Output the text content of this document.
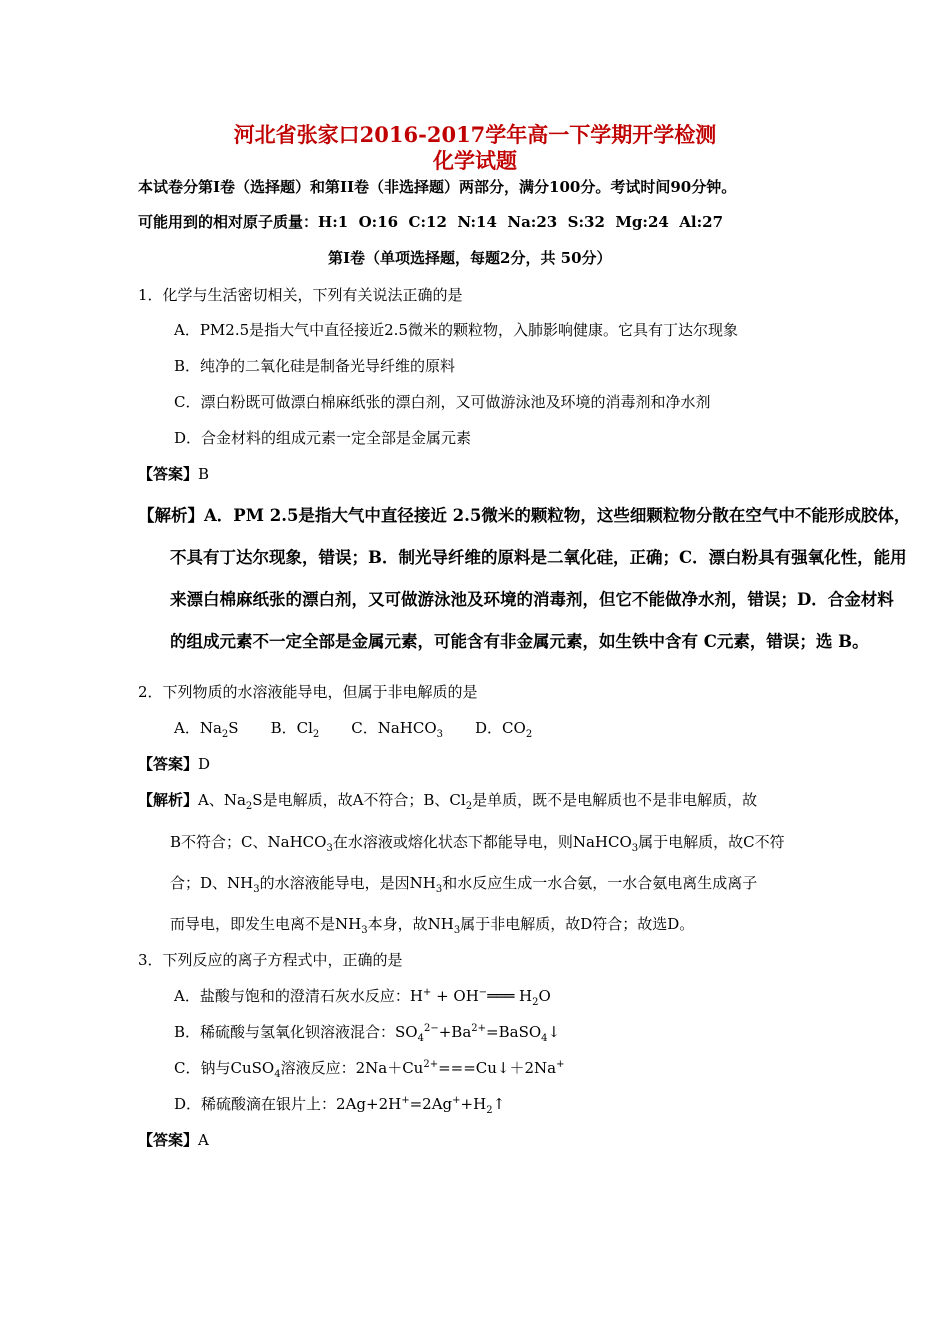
河北省张家口2016-2017学年高一下学期开学检测
化学试题
本试卷分第Ⅰ卷（选择题）和第II卷（非选择题）两部分，满分100分。考试时间90分钟。
可能用到的相对原子质量：H:1  O:16  C:12  N:14  Na:23  S:32  Mg:24  Al:27
第Ⅰ卷（单项选择题，每题2分，共 50分）
1．化学与生活密切相关，下列有关说法正确的是
A．PM2.5是指大气中直径接近2.5微米的颗粒物，入肺影响健康。它具有丁达尔现象
B．纯净的二氧化硅是制备光导纤维的原料
C．漂白粉既可做漂白棉麻纸张的漂白剂，又可做游泳池及环境的消毒剂和净水剂
D．合金材料的组成元素一定全部是金属元素
【答案】B
【解析】A．PM 2.5是指大气中直径接近 2.5微米的颗粒物，这些细颗粒物分散在空气中不能形成胶体，
不具有丁达尔现象，错误；B．制光导纤维的原料是二氧化硅，正确；C．漂白粉具有强氧化性，能用
来漂白棉麻纸张的漂白剂，又可做游泳池及环境的消毒剂，但它不能做净水剂，错误；D．合金材料
的组成元素不一定全部是金属元素，可能含有非金属元素，如生铁中含有 C元素，错误；选 B。
2．下列物质的水溶液能导电，但属于非电解质的是
A．$Na_2S$ B．$Cl_2$ C．NaHCO$_3$ D．$CO_2$
【答案】D
【解析】A、$Na_2S$是电解质，故A不符合；B、$Cl_2$是单质，既不是电解质也不是非电解质，故
B不符合；C、NaHCO$_3$在水溶液或熔化状态下都能导电，则NaHCO$_3$属于电解质，故C不符
合；D、$NH_3$的水溶液能导电，是因$NH_3$和水反应生成一水合氨，一水合氨电离生成离子
而导电，即发生电离不是$NH_3$本身，故$NH_3$属于非电解质，故D符合；故选D。
3．下列反应的离子方程式中，正确的是
A．盐酸与饱和的澄清石灰水反应：H+ + OH−═══ $H_2O$
B．稀硫酸与氢氧化钡溶液混合：$SO_4^{2-}+Ba^{2+}=BaSO_4↓$
C．钠与CuSO$_4$溶液反应：$2Na+Cu^{2+}===Cu↓+2Na^+$
D．稀硫酸滴在银片上：$2Ag+2H^+=2Ag^++H_2↑$
【答案】A
